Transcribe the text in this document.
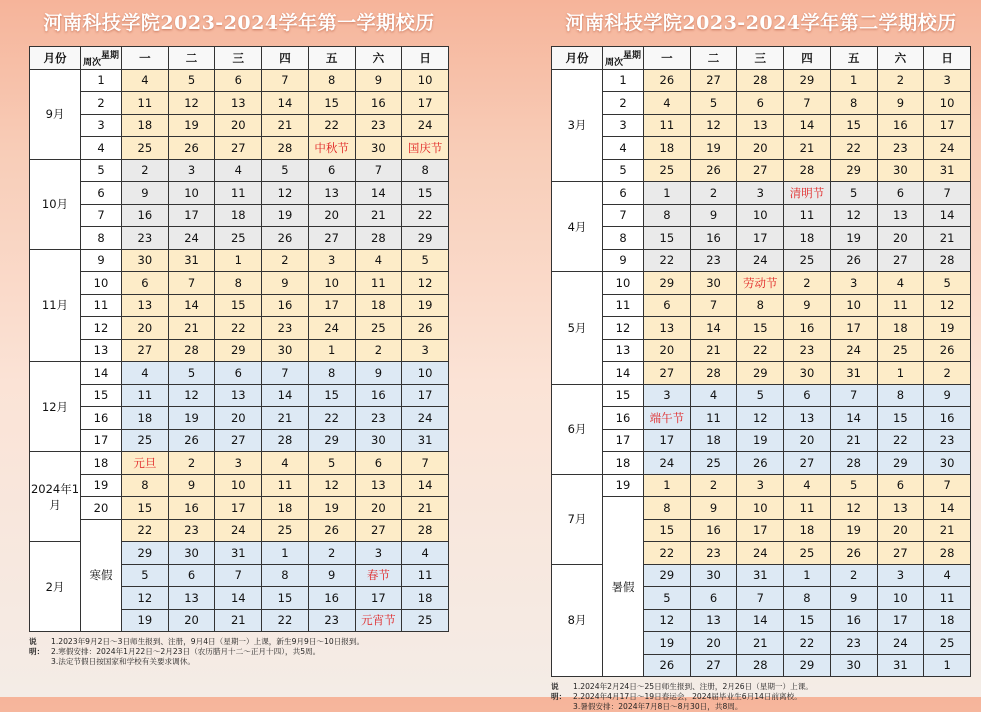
河南科技学院2023-2024学年第一学期校历
月份	星期
周次	一	二	三	四	五	六	日
9月	1	4	5	6	7	8	9	10
	2	11	12	13	14	15	16	17
	3	18	19	20	21	22	23	24
	4	25	26	27	28	中秋节	30	国庆节
10月	5	2	3	4	5	6	7	8
	6	9	10	11	12	13	14	15
	7	16	17	18	19	20	21	22
	8	23	24	25	26	27	28	29
11月	9	30	31	1	2	3	4	5
	10	6	7	8	9	10	11	12
	11	13	14	15	16	17	18	19
	12	20	21	22	23	24	25	26
	13	27	28	29	30	1	2	3
12月	14	4	5	6	7	8	9	10
	15	11	12	13	14	15	16	17
	16	18	19	20	21	22	23	24
	17	25	26	27	28	29	30	31
2024年1月	18	元旦	2	3	4	5	6	7
	19	8	9	10	11	12	13	14
	20	15	16	17	18	19	20	21
	寒假	22	23	24	25	26	27	28
2月		29	30	31	1	2	3	4
		5	6	7	8	9	春节	11
		12	13	14	15	16	17	18
		19	20	21	22	23	元宵节	25
说明：
1.2023年9月2日～3日师生报到、注册，9月4日（星期一）上课，新生9月9日～10日报到。
2.寒假安排：2024年1月22日～2月23日（农历腊月十二～正月十四），共5周。
3.法定节假日按国家和学校有关要求调休。
河南科技学院2023-2024学年第二学期校历
月份	星期
周次	一	二	三	四	五	六	日
3月	1	26	27	28	29	1	2	3
	2	4	5	6	7	8	9	10
	3	11	12	13	14	15	16	17
	4	18	19	20	21	22	23	24
	5	25	26	27	28	29	30	31
4月	6	1	2	3	清明节	5	6	7
	7	8	9	10	11	12	13	14
	8	15	16	17	18	19	20	21
	9	22	23	24	25	26	27	28
5月	10	29	30	劳动节	2	3	4	5
	11	6	7	8	9	10	11	12
	12	13	14	15	16	17	18	19
	13	20	21	22	23	24	25	26
	14	27	28	29	30	31	1	2
6月	15	3	4	5	6	7	8	9
	16	端午节	11	12	13	14	15	16
	17	17	18	19	20	21	22	23
	18	24	25	26	27	28	29	30
7月	19	1	2	3	4	5	6	7
	暑假	8	9	10	11	12	13	14
		15	16	17	18	19	20	21
		22	23	24	25	26	27	28
8月		29	30	31	1	2	3	4
		5	6	7	8	9	10	11
		12	13	14	15	16	17	18
		19	20	21	22	23	24	25
		26	27	28	29	30	31	1
说明：
1.2024年2月24日～25日师生报到、注册，2月26日（星期一）上课。
2.2024年4月17日～19日春运会，2024届毕业生6月14日前离校。
3.暑假安排：2024年7月8日～8月30日，共8周。
